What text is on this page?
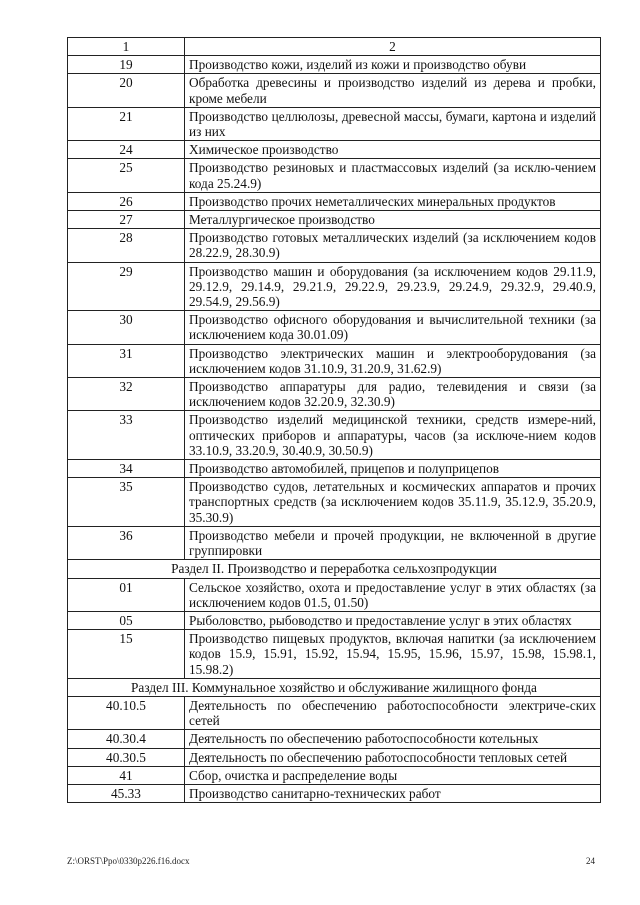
1	2
19	Производство кожи, изделий из кожи и производство обуви
20	Обработка древесины и производство изделий из дерева и пробки, кроме мебели
21	Производство целлюлозы, древесной массы, бумаги, картона и изделий из них
24	Химическое производство
25	Производство резиновых и пластмассовых изделий (за исклю-чением кода 25.24.9)
26	Производство прочих неметаллических минеральных продуктов
27	Металлургическое производство
28	Производство готовых металлических изделий (за исключением кодов 28.22.9, 28.30.9)
29	Производство машин и оборудования (за исключением кодов 29.11.9, 29.12.9, 29.14.9, 29.21.9, 29.22.9, 29.23.9, 29.24.9, 29.32.9, 29.40.9, 29.54.9, 29.56.9)
30	Производство офисного оборудования и вычислительной техники (за исключением кода 30.01.09)
31	Производство электрических машин и электрооборудования (за исключением кодов 31.10.9, 31.20.9, 31.62.9)
32	Производство аппаратуры для радио, телевидения и связи (за исключением кодов 32.20.9, 32.30.9)
33	Производство изделий медицинской техники, средств измере-ний, оптических приборов и аппаратуры, часов (за исключе-нием кодов 33.10.9, 33.20.9, 30.40.9, 30.50.9)
34	Производство автомобилей, прицепов и полуприцепов
35	Производство судов, летательных и космических аппаратов и прочих транспортных средств (за исключением кодов 35.11.9, 35.12.9, 35.20.9, 35.30.9)
36	Производство мебели и прочей продукции, не включенной в другие группировки
Раздел II. Производство и переработка сельхозпродукции	
01	Сельское хозяйство, охота и предоставление услуг в этих областях (за исключением кодов 01.5, 01.50)
05	Рыболовство, рыбоводство и предоставление услуг в этих областях
15	Производство пищевых продуктов, включая напитки (за исключением кодов 15.9, 15.91, 15.92, 15.94, 15.95, 15.96, 15.97, 15.98, 15.98.1, 15.98.2)
Раздел III. Коммунальное хозяйство и обслуживание жилищного фонда	
40.10.5	Деятельность по обеспечению работоспособности электриче-ских сетей
40.30.4	Деятельность по обеспечению работоспособности котельных
40.30.5	Деятельность по обеспечению работоспособности тепловых сетей
41	Сбор, очистка и распределение воды
45.33	Производство санитарно-технических работ
Z:\ORST\Ppo\0330p226.f16.docx	24
